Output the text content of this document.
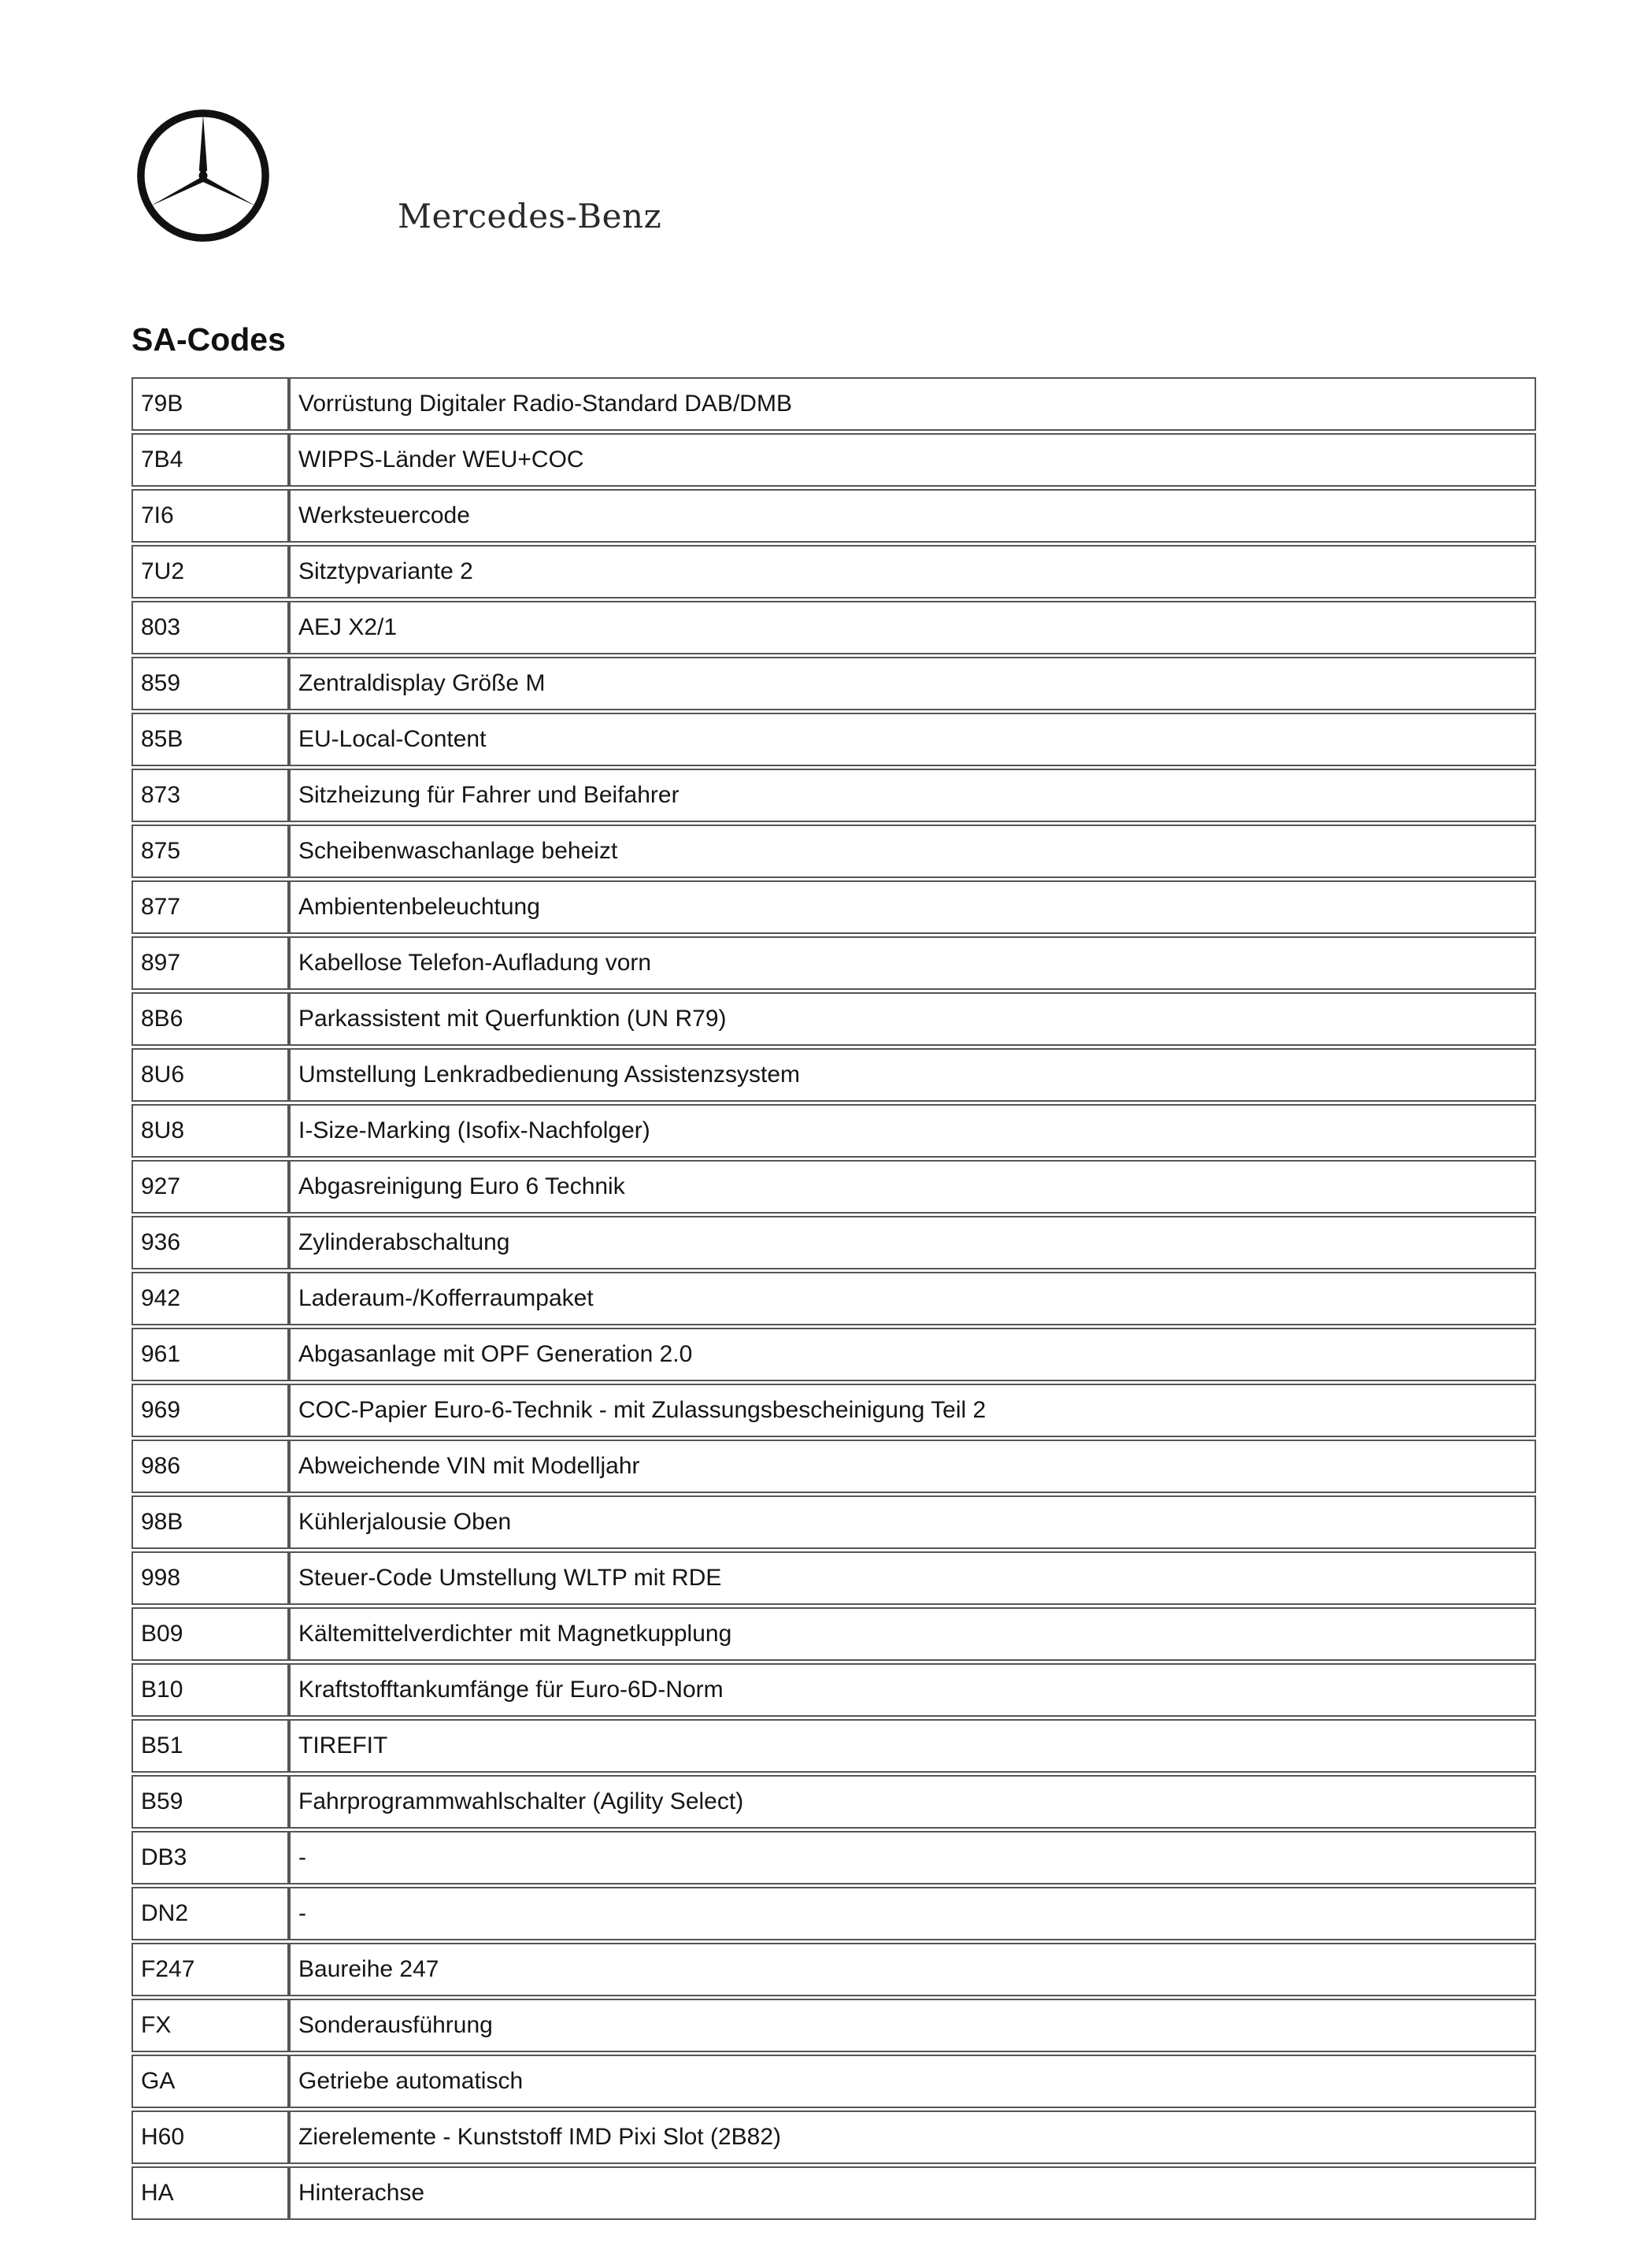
Mercedes-Benz
SA-Codes
79B	Vorrüstung Digitaler Radio-Standard DAB/DMB
7B4	WIPPS-Länder WEU+COC
7I6	Werksteuercode
7U2	Sitztypvariante 2
803	AEJ X2/1
859	Zentraldisplay Größe M
85B	EU-Local-Content
873	Sitzheizung für Fahrer und Beifahrer
875	Scheibenwaschanlage beheizt
877	Ambientenbeleuchtung
897	Kabellose Telefon-Aufladung vorn
8B6	Parkassistent mit Querfunktion (UN R79)
8U6	Umstellung Lenkradbedienung Assistenzsystem
8U8	I-Size-Marking (Isofix-Nachfolger)
927	Abgasreinigung Euro 6 Technik
936	Zylinderabschaltung
942	Laderaum-/Kofferraumpaket
961	Abgasanlage mit OPF Generation 2.0
969	COC-Papier Euro-6-Technik - mit Zulassungsbescheinigung Teil 2
986	Abweichende VIN mit Modelljahr
98B	Kühlerjalousie Oben
998	Steuer-Code Umstellung WLTP mit RDE
B09	Kältemittelverdichter mit Magnetkupplung
B10	Kraftstofftankumfänge für Euro-6D-Norm
B51	TIREFIT
B59	Fahrprogrammwahlschalter (Agility Select)
DB3	-
DN2	-
F247	Baureihe 247
FX	Sonderausführung
GA	Getriebe automatisch
H60	Zierelemente - Kunststoff IMD Pixi Slot (2B82)
HA	Hinterachse
